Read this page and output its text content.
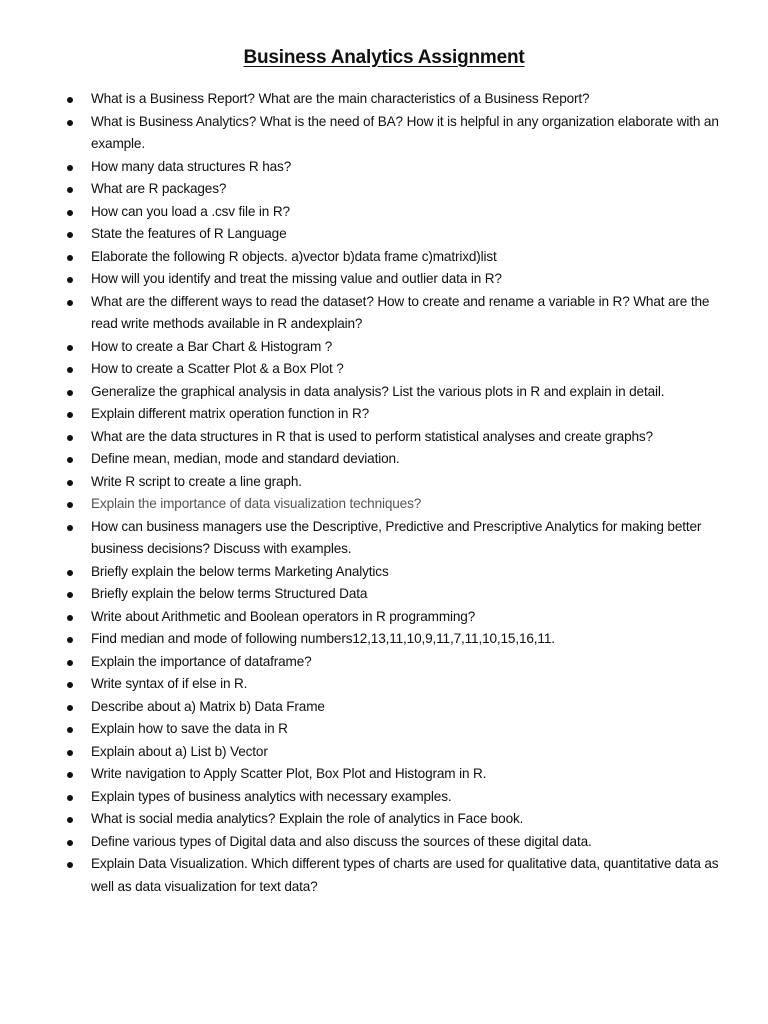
Business Analytics Assignment
What is a Business Report? What are the main characteristics of a Business Report?
What is Business Analytics? What is the need of BA? How it is helpful in any organization elaborate with an example.
How many data structures R has?
What are R packages?
How can you load a .csv file in R?
State the features of R Language
Elaborate the following R objects. a)vector b)data frame c)matrixd)list
How will you identify and treat the missing value and outlier data in R?
What are the different ways to read the dataset? How to create and rename a variable in R? What are the read write methods available in R andexplain?
How to create a Bar Chart & Histogram ?
How to create a Scatter Plot & a Box Plot ?
Generalize the graphical analysis in data analysis? List the various plots in R and explain in detail.
Explain different matrix operation function in R?
What are the data structures in R that is used to perform statistical analyses and create graphs?
Define mean, median, mode and standard deviation.
Write R script to create a line graph.
Explain the importance of data visualization techniques?
How can business managers use the Descriptive, Predictive and Prescriptive Analytics for making better business decisions? Discuss with examples.
Briefly explain the below terms Marketing Analytics
Briefly explain the below terms Structured Data
Write about Arithmetic and Boolean operators in R programming?
Find median and mode of following numbers12,13,11,10,9,11,7,11,10,15,16,11.
Explain the importance of dataframe?
Write syntax of if else in R.
Describe about a) Matrix b) Data Frame
Explain how to save the data in R
Explain about a) List b) Vector
Write navigation to Apply Scatter Plot, Box Plot and Histogram in R.
Explain types of business analytics with necessary examples.
What is social media analytics? Explain the role of analytics in Face book.
Define various types of Digital data and also discuss the sources of these digital data.
Explain Data Visualization. Which different types of charts are used for qualitative data, quantitative data as well as data visualization for text data?
